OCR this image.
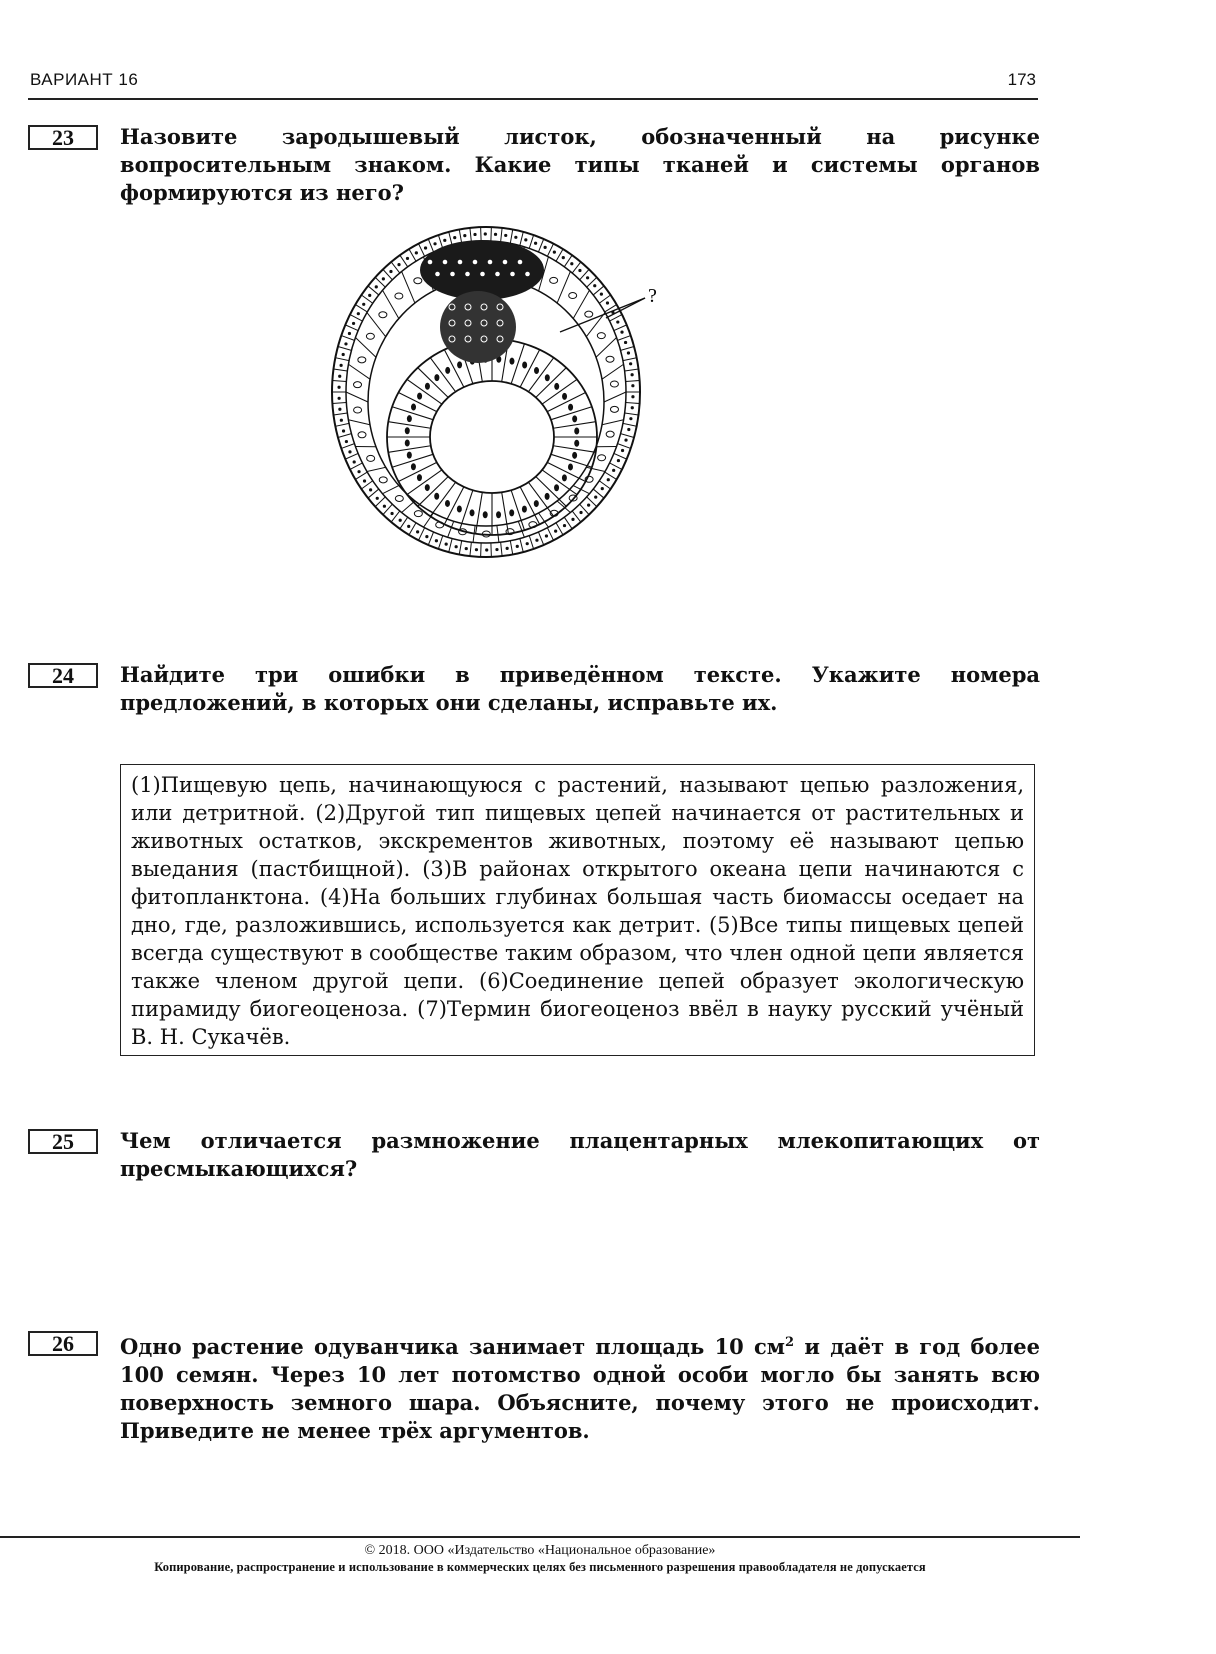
ВАРИАНТ 16	173
23	Назовите зародышевый листок, обозначенный на рисунке вопросительным знаком. Какие типы тканей и системы органов формируются из него?
?
24	Найдите три ошибки в приведённом тексте. Укажите номера предложений, в которых они сделаны, исправьте их.

(1)Пищевую цепь, начинающуюся с растений, называют цепью разложения, или детритной. (2)Другой тип пищевых цепей начинается от растительных и животных остатков, экскрементов животных, поэтому её называют цепью выедания (пастбищной). (3)В районах открытого океана цепи начинаются с фитопланктона. (4)На больших глубинах большая часть биомассы оседает на дно, где, разложившись, используется как детрит. (5)Все типы пищевых цепей всегда существуют в сообществе таким образом, что член одной цепи является также членом другой цепи. (6)Соединение цепей образует экологическую пирамиду биогеоценоза. (7)Термин биогеоценоз ввёл в науку русский учёный В. Н. Сукачёв.

25	Чем отличается размножение плацентарных млекопитающих от пресмыкающихся?
26	Одно растение одуванчика занимает площадь 10 $см^2$ и даёт в год более 100 семян. Через 10 лет потомство одной особи могло бы занять всю поверхность земного шара. Объясните, почему этого не происходит. Приведите не менее трёх аргументов.
© 2018. ООО «Издательство «Национальное образование»
Копирование, распространение и использование в коммерческих целях без письменного разрешения правообладателя не допускается
